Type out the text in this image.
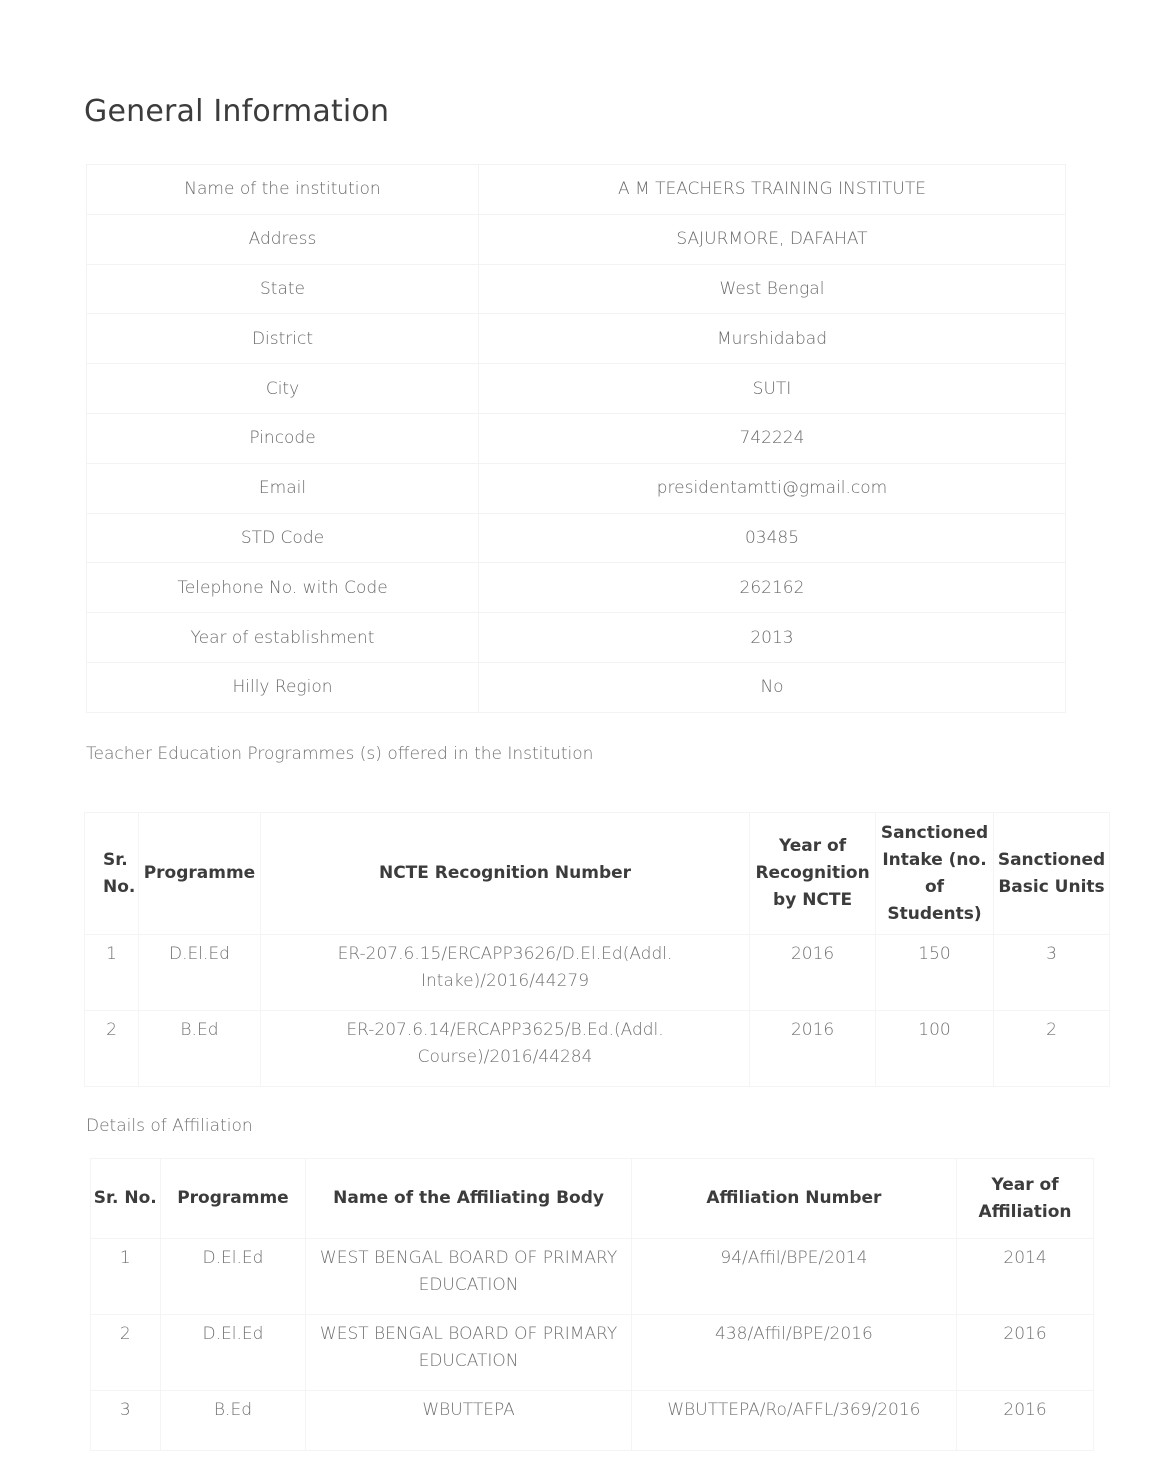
General Information
Name of the institution	A M TEACHERS TRAINING INSTITUTE
Address	SAJURMORE, DAFAHAT
State	West Bengal
District	Murshidabad
City	SUTI
Pincode	742224
Email	presidentamtti@gmail.com
STD Code	03485
Telephone No. with Code	262162
Year of establishment	2013
Hilly Region	No
Teacher Education Programmes (s) offered in the Institution
Sr. No.	Programme	NCTE Recognition Number	Year of Recognition by NCTE	Sanctioned Intake (no. of Students)	Sanctioned Basic Units
1	D.El.Ed	ER-207.6.15/ERCAPP3626/D.El.Ed(Addl. Intake)/2016/44279	2016	150	3
2	B.Ed	ER-207.6.14/ERCAPP3625/B.Ed.(Addl. Course)/2016/44284	2016	100	2
Details of Affiliation
Sr. No.	Programme	Name of the Affiliating Body	Affiliation Number	Year of Affiliation
1	D.El.Ed	WEST BENGAL BOARD OF PRIMARY EDUCATION	94/Affil/BPE/2014	2014
2	D.El.Ed	WEST BENGAL BOARD OF PRIMARY EDUCATION	438/Affil/BPE/2016	2016
3	B.Ed	WBUTTEPA	WBUTTEPA/Ro/AFFL/369/2016	2016
